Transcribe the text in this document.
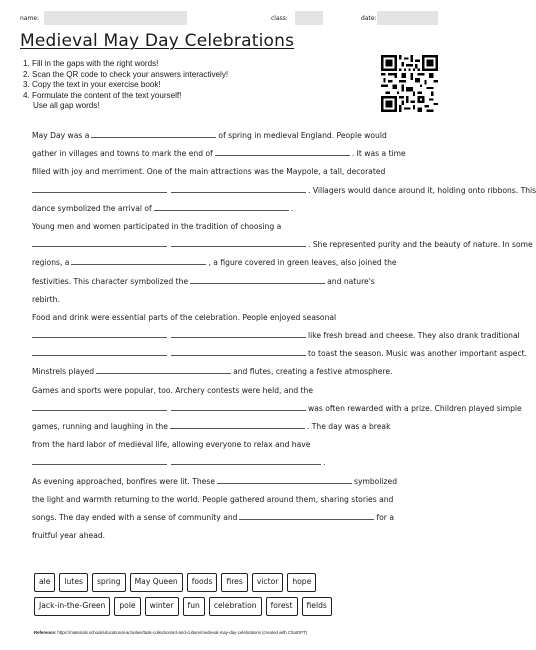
name:	class:	date:
Medieval May Day Celebrations
1. Fill in the gaps with the right words!
2. Scan the QR code to check your answers interactively!
3. Copy the text in your exercise book!
4. Formulate the content of the text yourself!
Use all gap words!
May Day was a	of spring in medieval England. People would
gather in villages and towns to mark the end of	. It was a time
filled with joy and merriment. One of the main attractions was the Maypole, a tall, decorated
. Villagers would dance around it, holding onto ribbons. This
dance symbolized the arrival of	.
Young men and women participated in the tradition of choosing a
. She represented purity and the beauty of nature. In some
regions, a	, a figure covered in green leaves, also joined the
festivities. This character symbolized the	and nature's
rebirth.
Food and drink were essential parts of the celebration. People enjoyed seasonal
like fresh bread and cheese. They also drank traditional
to toast the season. Music was another important aspect.
Minstrels played	and flutes, creating a festive atmosphere.
Games and sports were popular, too. Archery contests were held, and the
was often rewarded with a prize. Children played simple
games, running and laughing in the	. The day was a break
from the hard labor of medieval life, allowing everyone to relax and have
.
As evening approached, bonfires were lit. These	symbolized
the light and warmth returning to the world. People gathered around them, sharing stories and
songs. The day ended with a sense of community and	for a
fruitful year ahead.
ale	lutes	spring	May Queen	foods	fires	victor	hope
Jack-in-the-Green	pole	winter	fun	celebration	forest	fields
Reference: https://materials.school/educational-activities/task-collection/art-and-culture/medieval-may-day-celebrations (created with ChatGPT)
